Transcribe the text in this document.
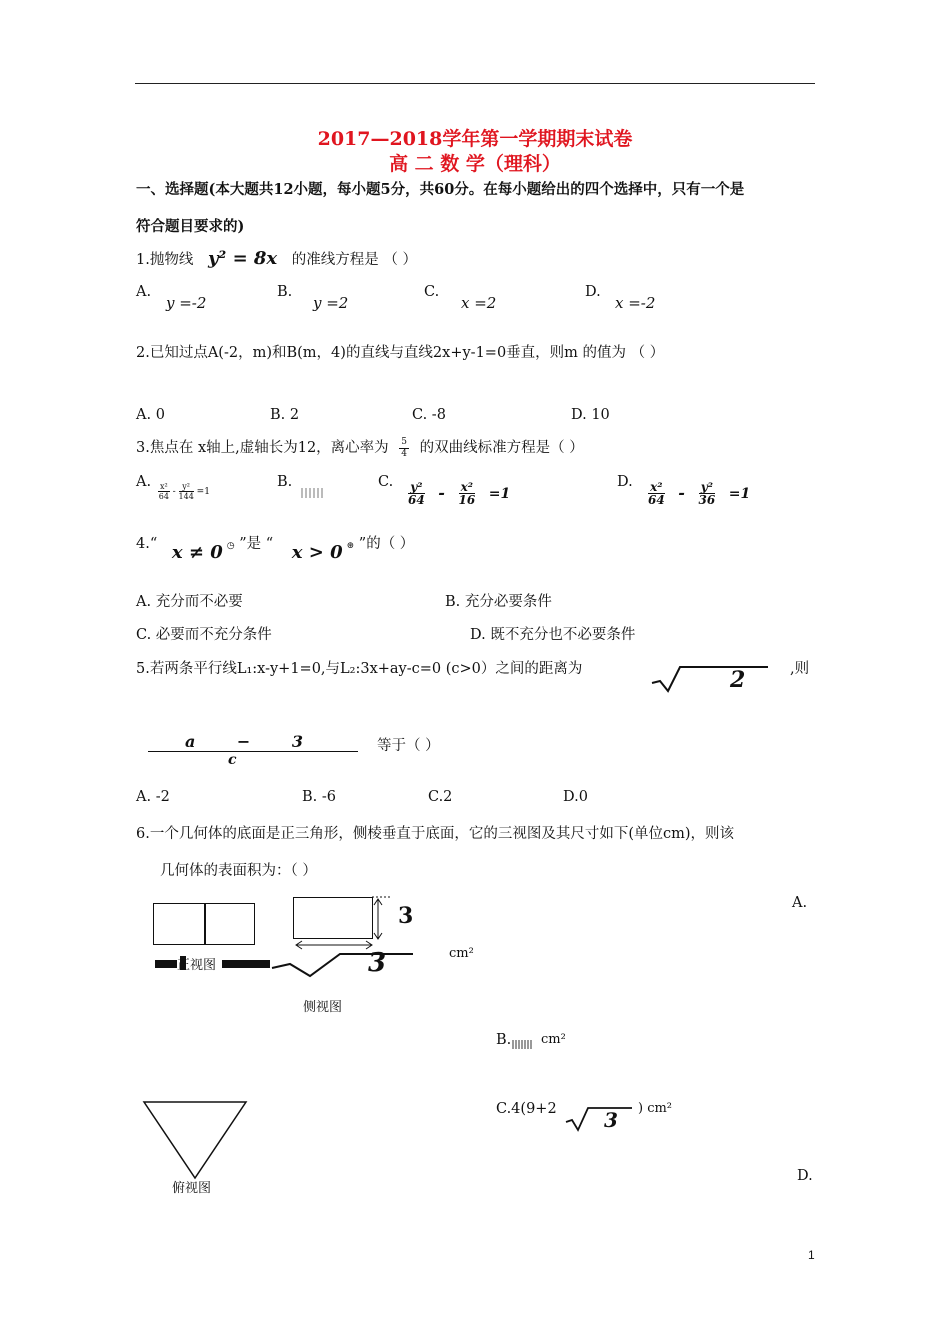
2017—2018学年第一学期期末试卷
高 二 数 学（理科）
一、选择题(本大题共12小题，每小题5分，共60分。在每小题给出的四个选择中，只有一个是
符合题目要求的)
1.抛物线 y² = 8x 的准线方程是 （ ）
A.
y =-2
B.
y =2
C.
x =2
D.
x =-2
2.已知过点A(-2，m)和B(m，4)的直线与直线2x+y-1=0垂直，则m 的值为 （ ）
A. 0	B. 2	C. -8	D. 10
3.焦点在 x轴上,虚轴长为12，离心率为 $\frac{5}{4}$ 的双曲线标准方程是（ ）
A. $\frac{\text{x²}}{64} - \frac{\text{y²}}{144} =1$
B.	C. $\frac{\text{y²}}{64} - \frac{\text{x²}}{16} =1$
D. $\frac{\text{x²}}{64} - \frac{\text{y²}}{36} =1$
4.“ x ≠ 0 ◷ ”是 “ x > 0 ⊛ ”的（ ）
A. 充分而不必要	B. 充分必要条件
C. 必要而不充分条件	D. 既不充分也不必要条件
5.若两条平行线L₁:x-y+1=0,与L₂:3x+ay-c=0 (c>0）之间的距离为	2	,则
$\frac{a - 3}{c}$ 等于（ ）
A. -2	B. -6	C.2	D.0
6.一个几何体的底面是正三角形，侧棱垂直于底面，它的三视图及其尺寸如下(单位cm)，则该
几何体的表面积为：（ ）
3
正视图	3	cm²
侧视图
A.
B. cm²
俯视图
C.4(9+2 3 ) cm²
D.
1
